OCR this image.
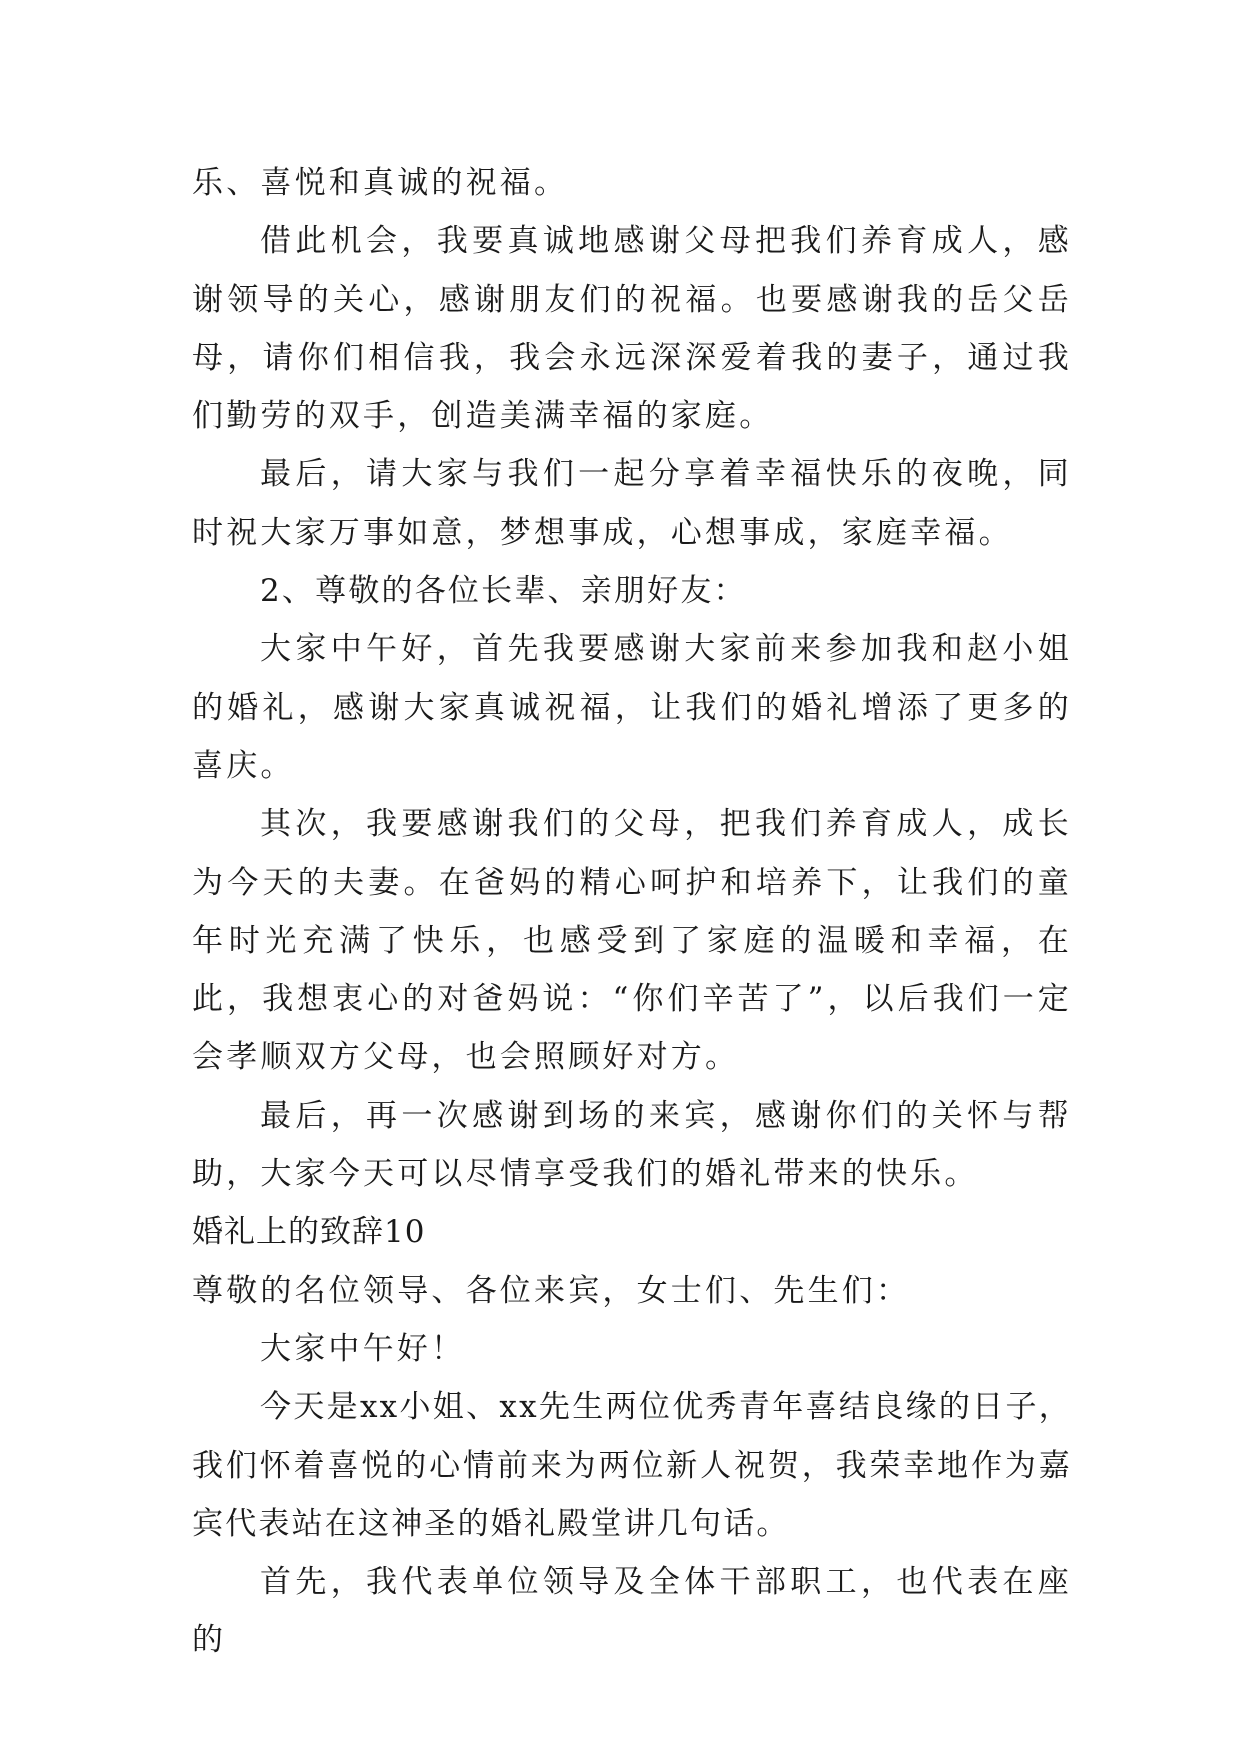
乐、喜悦和真诚的祝福。

借此机会，我要真诚地感谢父母把我们养育成人，感谢领导的关心，感谢朋友们的祝福。也要感谢我的岳父岳母，请你们相信我，我会永远深深爱着我的妻子，通过我们勤劳的双手，创造美满幸福的家庭。

最后，请大家与我们一起分享着幸福快乐的夜晚，同时祝大家万事如意，梦想事成，心想事成，家庭幸福。

2、尊敬的各位长辈、亲朋好友：

大家中午好，首先我要感谢大家前来参加我和赵小姐的婚礼，感谢大家真诚祝福，让我们的婚礼增添了更多的喜庆。

其次，我要感谢我们的父母，把我们养育成人，成长为今天的夫妻。在爸妈的精心呵护和培养下，让我们的童年时光充满了快乐，也感受到了家庭的温暖和幸福，在此，我想衷心的对爸妈说：“你们辛苦了”，以后我们一定会孝顺双方父母，也会照顾好对方。

最后，再一次感谢到场的来宾，感谢你们的关怀与帮助，大家今天可以尽情享受我们的婚礼带来的快乐。

婚礼上的致辞10

尊敬的名位领导、各位来宾，女士们、先生们：

大家中午好！

今天是xx小姐、xx先生两位优秀青年喜结良缘的日子，我们怀着喜悦的心情前来为两位新人祝贺，我荣幸地作为嘉宾代表站在这神圣的婚礼殿堂讲几句话。

首先，我代表单位领导及全体干部职工，也代表在座的
